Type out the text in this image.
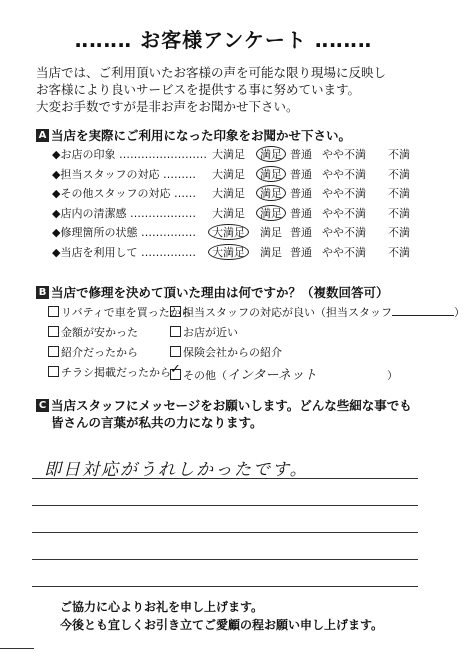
‥‥‥‥ お客様アンケート ‥‥‥‥
当店では、ご利用頂いたお客様の声を可能な限り現場に反映し
お客様により良いサービスを提供する事に努めています。
大変お手数ですが是非お声をお聞かせ下さい。
A 当店を実際にご利用になった印象をお聞かせ下さい。
◆お店の印象 …………………… 大満足 満足 普通 やや不満 不満
◆担当スタッフの対応 ……… 大満足 満足 普通 やや不満 不満
◆その他スタッフの対応 …… 大満足 満足 普通 やや不満 不満
◆店内の清潔感 ……………… 大満足 満足 普通 やや不満 不満
◆修理箇所の状態 …………… 大満足 満足 普通 やや不満 不満
◆当店を利用して …………… 大満足 満足 普通 やや不満 不満
B 当店で修理を決めて頂いた理由は何ですか？（複数回答可）
リバティで車を買ったから
担当スタッフの対応が良い（担当スタッフ	）
金額が安かった	お店が近い
紹介だったから	保険会社からの紹介
チラシ掲載だったから ✓ その他（インターネット	）
C 当店スタッフにメッセージをお願いします。どんな些細な事でも
皆さんの言葉が私共の力になります。
即日対応がうれしかったです。
ご協力に心よりお礼を申し上げます。
今後とも宜しくお引き立てご愛顧の程お願い申し上げます。
